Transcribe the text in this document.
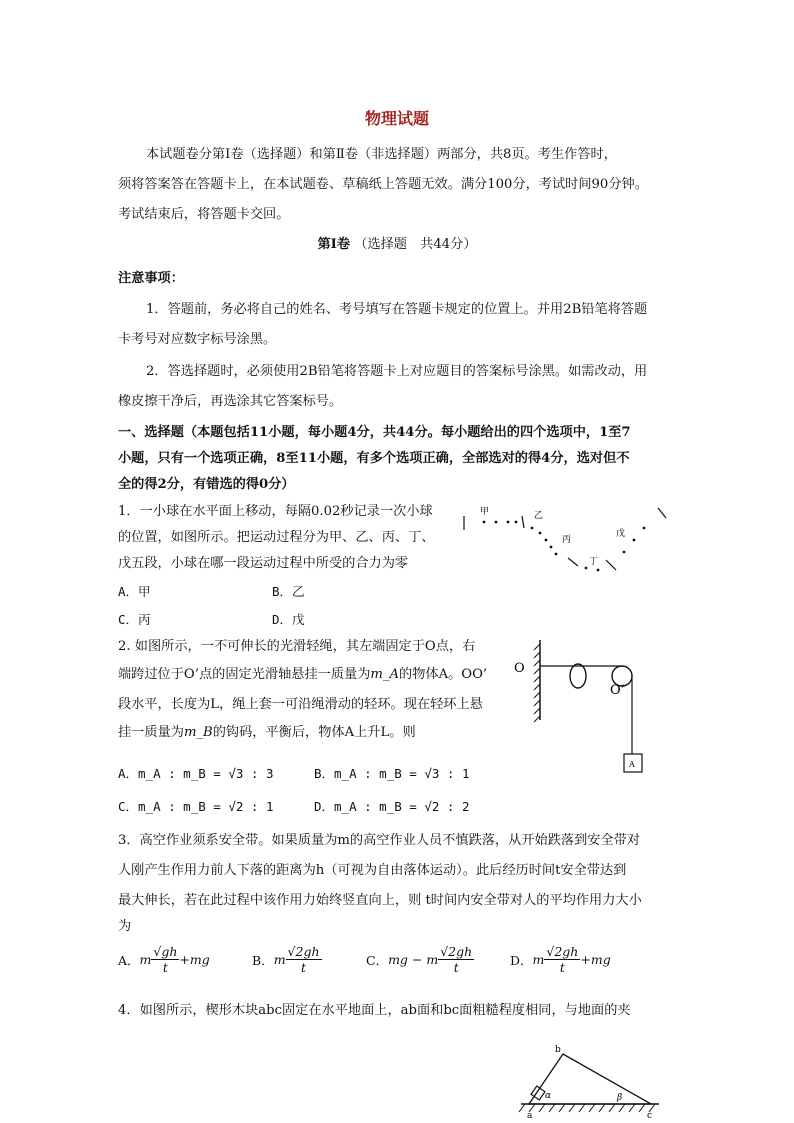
物理试题
本试题卷分第Ⅰ卷（选择题）和第Ⅱ卷（非选择题）两部分，共8页。考生作答时，
须将答案答在答题卡上，在本试题卷、草稿纸上答题无效。满分100分，考试时间90分钟。
考试结束后，将答题卡交回。
第Ⅰ卷 （选择题　共44分）
注意事项：
1．答题前，务必将自己的姓名、考号填写在答题卡规定的位置上。并用2B铅笔将答题
卡考号对应数字标号涂黑。
2．答选择题时，必须使用2B铅笔将答题卡上对应题目的答案标号涂黑。如需改动，用
橡皮擦干净后，再选涂其它答案标号。
一、选择题（本题包括11小题，每小题4分，共44分。每小题给出的四个选项中，1至7
小题，只有一个选项正确，8至11小题，有多个选项正确，全部选对的得4分，选对但不
全的得2分，有错选的得0分）
1．一小球在水平面上移动，每隔0.02秒记录一次小球
的位置，如图所示。把运动过程分为甲、乙、丙、丁、
戊五段，小球在哪一段运动过程中所受的合力为零
A．甲	B．乙
C．丙	D．戊
甲	乙
丙
丁
戊
2. 如图所示，一不可伸长的光滑轻绳，其左端固定于O点，右
端跨过位于O’点的固定光滑轴悬挂一质量为m_A的物体A。OO’
段水平，长度为L，绳上套一可沿绳滑动的轻环。现在轻环上悬
挂一质量为m_B的钩码，平衡后，物体A上升L。则
A．m_A : m_B = √3 : 3	B．m_A : m_B = √3 : 1
C．m_A : m_B = √2 : 1	D．m_A : m_B = √2 : 2
O
O’
A
3．高空作业须系安全带。如果质量为m的高空作业人员不慎跌落，从开始跌落到安全带对
人刚产生作用力前人下落的距离为h（可视为自由落体运动）。此后经历时间t安全带达到
最大伸长，若在此过程中该作用力始终竖直向上，则 t时间内安全带对人的平均作用力大小
为
A． m $\frac{√gh}{t} +mg$	B． m $\frac{√2gh}{t}$	C． mg − m $\frac{√2gh}{t}$	D． m $\frac{√2gh}{t} +mg$
4．如图所示，楔形木块abc固定在水平地面上，ab面和bc面粗糙程度相同，与地面的夹
b
a	c
α	β
